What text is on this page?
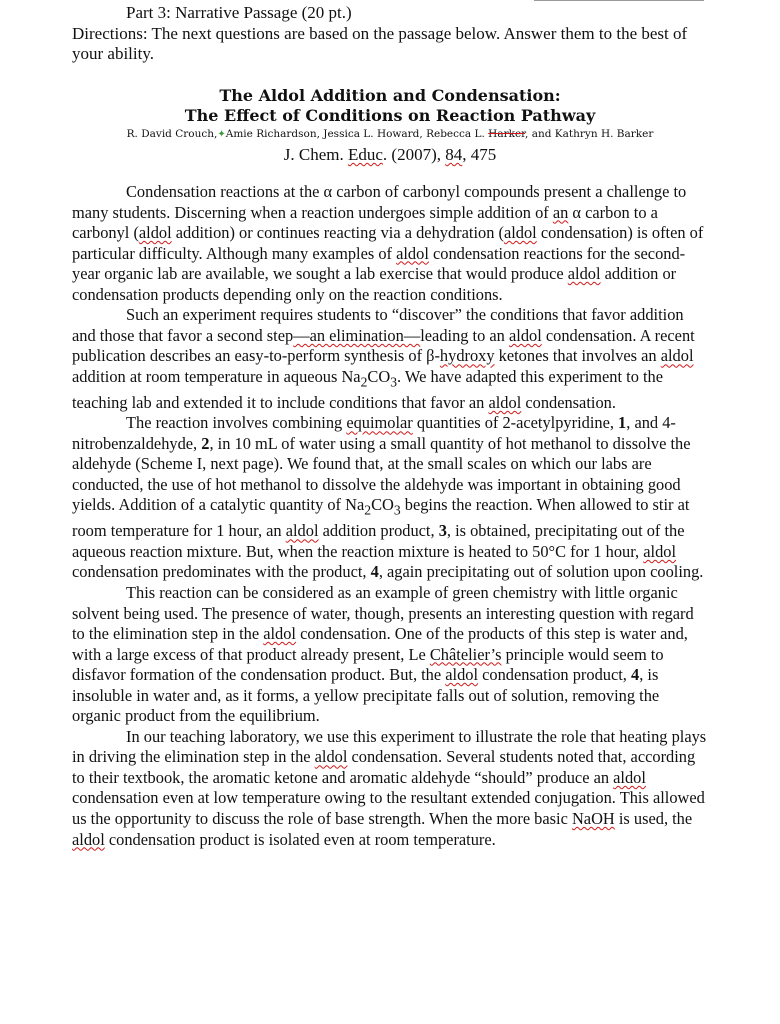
Part 3: Narrative Passage (20 pt.)
Directions: The next questions are based on the passage below. Answer them to the best of your ability.
The Aldol Addition and Condensation:
The Effect of Conditions on Reaction Pathway
R. David Crouch,✦Amie Richardson, Jessica L. Howard, Rebecca L. Harker, and Kathryn H. Barker
J. Chem. Educ. (2007), 84, 475

Condensation reactions at the α carbon of carbonyl compounds present a challenge to many students. Discerning when a reaction undergoes simple addition of an α carbon to a carbonyl (aldol addition) or continues reacting via a dehydration (aldol condensation) is often of particular difficulty. Although many examples of aldol condensation reactions for the second-year organic lab are available, we sought a lab exercise that would produce aldol addition or condensation products depending only on the reaction conditions.

Such an experiment requires students to “discover” the conditions that favor addition and those that favor a second step—an elimination—leading to an aldol condensation. A recent publication describes an easy-to-perform synthesis of β-hydroxy ketones that involves an aldol addition at room temperature in aqueous $Na_2CO_3$. We have adapted this experiment to the teaching lab and extended it to include conditions that favor an aldol condensation.

The reaction involves combining equimolar quantities of 2-acetylpyridine, 1, and 4-nitrobenzaldehyde, 2, in 10 mL of water using a small quantity of hot methanol to dissolve the aldehyde (Scheme I, next page). We found that, at the small scales on which our labs are conducted, the use of hot methanol to dissolve the aldehyde was important in obtaining good yields. Addition of a catalytic quantity of $Na_2CO_3$ begins the reaction. When allowed to stir at room temperature for 1 hour, an aldol addition product, 3, is obtained, precipitating out of the aqueous reaction mixture. But, when the reaction mixture is heated to 50°C for 1 hour, aldol condensation predominates with the product, 4, again precipitating out of solution upon cooling.

This reaction can be considered as an example of green chemistry with little organic solvent being used. The presence of water, though, presents an interesting question with regard to the elimination step in the aldol condensation. One of the products of this step is water and, with a large excess of that product already present, Le Châtelier’s principle would seem to disfavor formation of the condensation product. But, the aldol condensation product, 4, is insoluble in water and, as it forms, a yellow precipitate falls out of solution, removing the organic product from the equilibrium.

In our teaching laboratory, we use this experiment to illustrate the role that heating plays in driving the elimination step in the aldol condensation. Several students noted that, according to their textbook, the aromatic ketone and aromatic aldehyde “should” produce an aldol condensation even at low temperature owing to the resultant extended conjugation. This allowed us the opportunity to discuss the role of base strength. When the more basic NaOH is used, the aldol condensation product is isolated even at room temperature.
